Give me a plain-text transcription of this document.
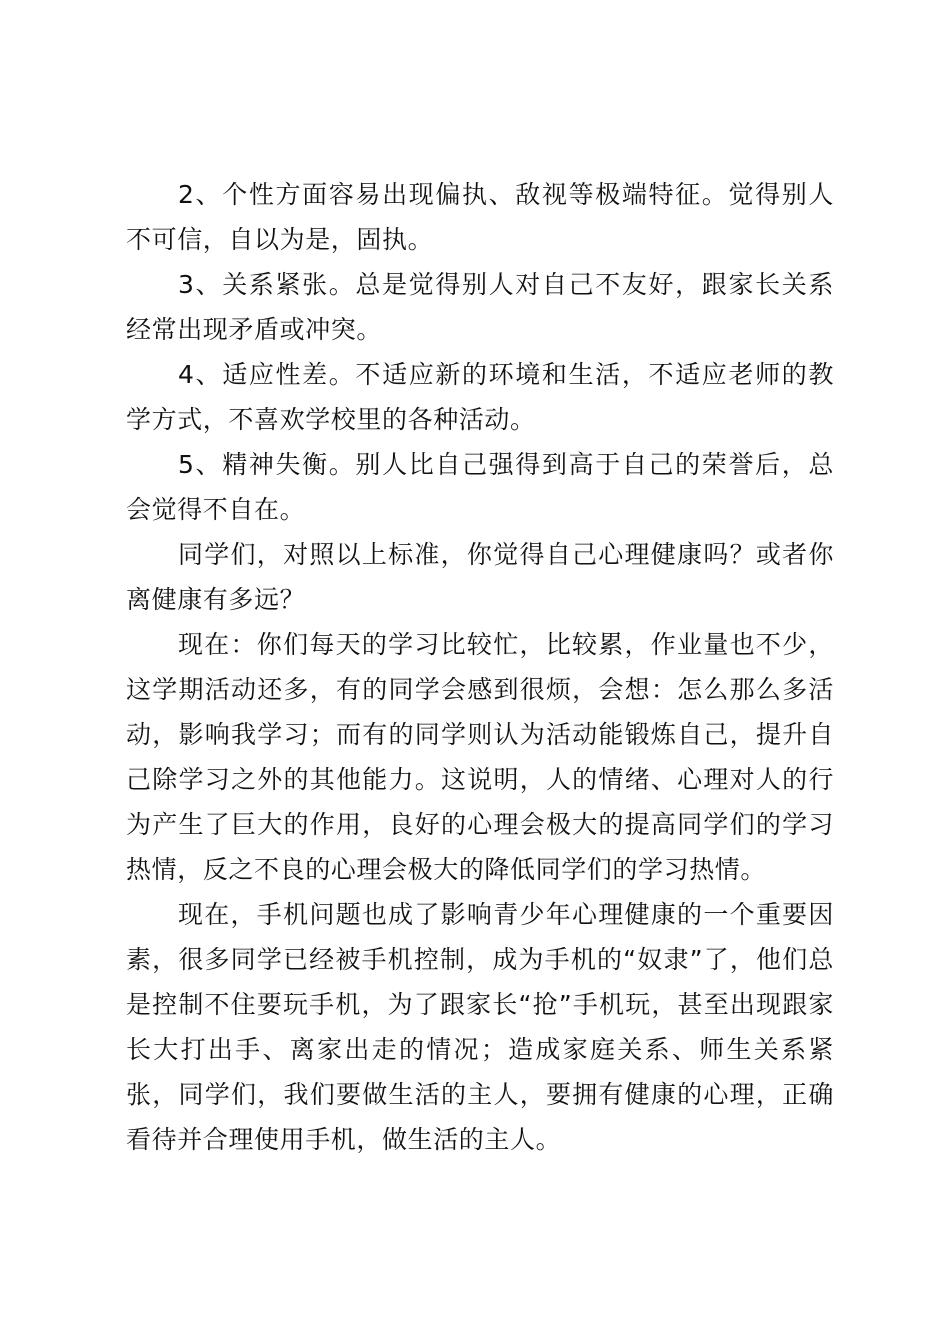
2、个性方面容易出现偏执、敌视等极端特征。觉得别人不可信，自以为是，固执。

3、关系紧张。总是觉得别人对自己不友好，跟家长关系经常出现矛盾或冲突。

4、适应性差。不适应新的环境和生活，不适应老师的教学方式，不喜欢学校里的各种活动。

5、精神失衡。别人比自己强得到高于自己的荣誉后，总会觉得不自在。

同学们，对照以上标准，你觉得自己心理健康吗？或者你离健康有多远？

现在：你们每天的学习比较忙，比较累，作业量也不少，这学期活动还多，有的同学会感到很烦，会想：怎么那么多活动，影响我学习；而有的同学则认为活动能锻炼自己，提升自己除学习之外的其他能力。这说明，人的情绪、心理对人的行为产生了巨大的作用，良好的心理会极大的提高同学们的学习热情，反之不良的心理会极大的降低同学们的学习热情。

现在，手机问题也成了影响青少年心理健康的一个重要因素，很多同学已经被手机控制，成为手机的“奴隶”了，他们总是控制不住要玩手机，为了跟家长“抢”手机玩，甚至出现跟家长大打出手、离家出走的情况；造成家庭关系、师生关系紧张，同学们，我们要做生活的主人，要拥有健康的心理，正确看待并合理使用手机，做生活的主人。
